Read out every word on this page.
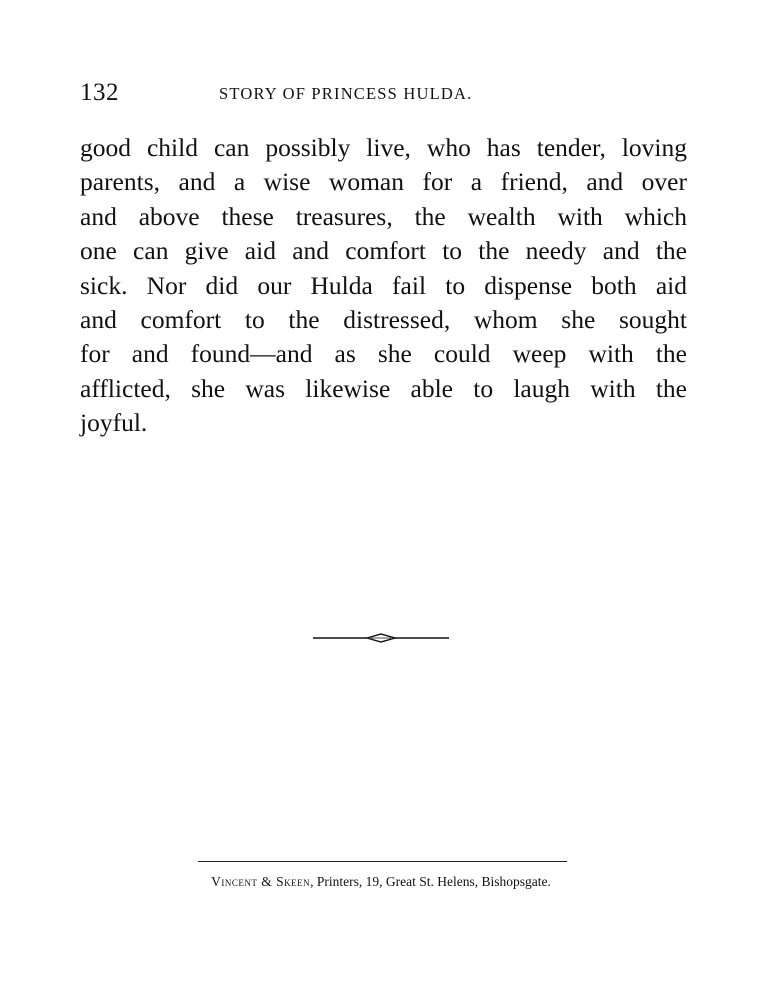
132	STORY OF PRINCESS HULDA.
good child can possibly live, who has tender, loving
parents, and a wise woman for a friend, and over
and above these treasures, the wealth with which
one can give aid and comfort to the needy and the
sick. Nor did our Hulda fail to dispense both aid
and comfort to the distressed, whom she sought
for and found—and as she could weep with the
afflicted, she was likewise able to laugh with the
joyful.
Vincent & Skeen, Printers, 19, Great St. Helens, Bishopsgate.
